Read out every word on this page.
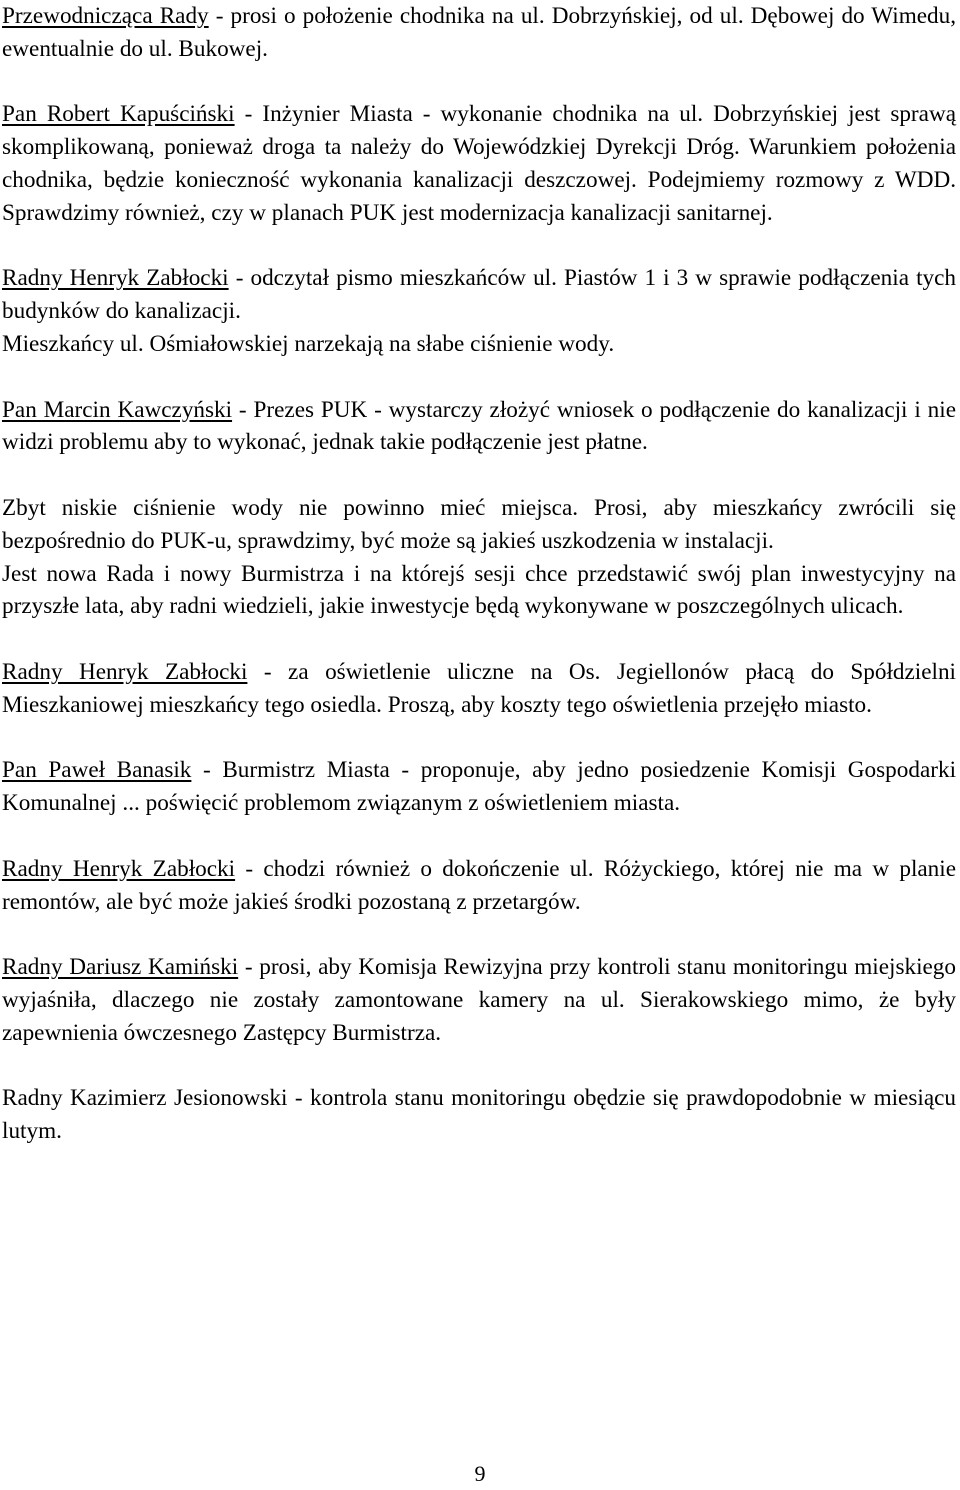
Przewodnicząca Rady - prosi o położenie chodnika na ul. Dobrzyńskiej, od ul. Dębowej do Wimedu, ewentualnie do ul. Bukowej.

Pan Robert Kapuściński - Inżynier Miasta - wykonanie chodnika na ul. Dobrzyńskiej jest sprawą skomplikowaną, ponieważ droga ta należy do Wojewódzkiej Dyrekcji Dróg. Warunkiem położenia chodnika, będzie konieczność wykonania kanalizacji deszczowej. Podejmiemy rozmowy z WDD. Sprawdzimy również, czy w planach PUK jest modernizacja kanalizacji sanitarnej.

Radny Henryk Zabłocki - odczytał pismo mieszkańców ul. Piastów 1 i 3 w sprawie podłączenia tych budynków do kanalizacji.

Mieszkańcy ul. Ośmiałowskiej narzekają na słabe ciśnienie wody.

Pan Marcin Kawczyński - Prezes PUK - wystarczy złożyć wniosek o podłączenie do kanalizacji i nie widzi problemu aby to wykonać, jednak takie podłączenie jest płatne.

Zbyt niskie ciśnienie wody nie powinno mieć miejsca. Prosi, aby mieszkańcy zwrócili się bezpośrednio do PUK-u, sprawdzimy, być może są jakieś uszkodzenia w instalacji.

Jest nowa Rada i nowy Burmistrza i na którejś sesji chce przedstawić swój plan inwestycyjny na przyszłe lata, aby radni wiedzieli, jakie inwestycje będą wykonywane w poszczególnych ulicach.

Radny Henryk Zabłocki - za oświetlenie uliczne na Os. Jegiellonów płacą do Spółdzielni Mieszkaniowej mieszkańcy tego osiedla. Proszą, aby koszty tego oświetlenia przejęło miasto.

Pan Paweł Banasik - Burmistrz Miasta - proponuje, aby jedno posiedzenie Komisji Gospodarki Komunalnej ... poświęcić problemom związanym z oświetleniem miasta.

Radny Henryk Zabłocki - chodzi również o dokończenie ul. Różyckiego, której nie ma w planie remontów, ale być może jakieś środki pozostaną z przetargów.

Radny Dariusz Kamiński - prosi, aby Komisja Rewizyjna przy kontroli stanu monitoringu miejskiego wyjaśniła, dlaczego nie zostały zamontowane kamery na ul. Sierakowskiego mimo, że były zapewnienia ówczesnego Zastępcy Burmistrza.

Radny Kazimierz Jesionowski - kontrola stanu monitoringu obędzie się prawdopodobnie w miesiącu lutym.

9
